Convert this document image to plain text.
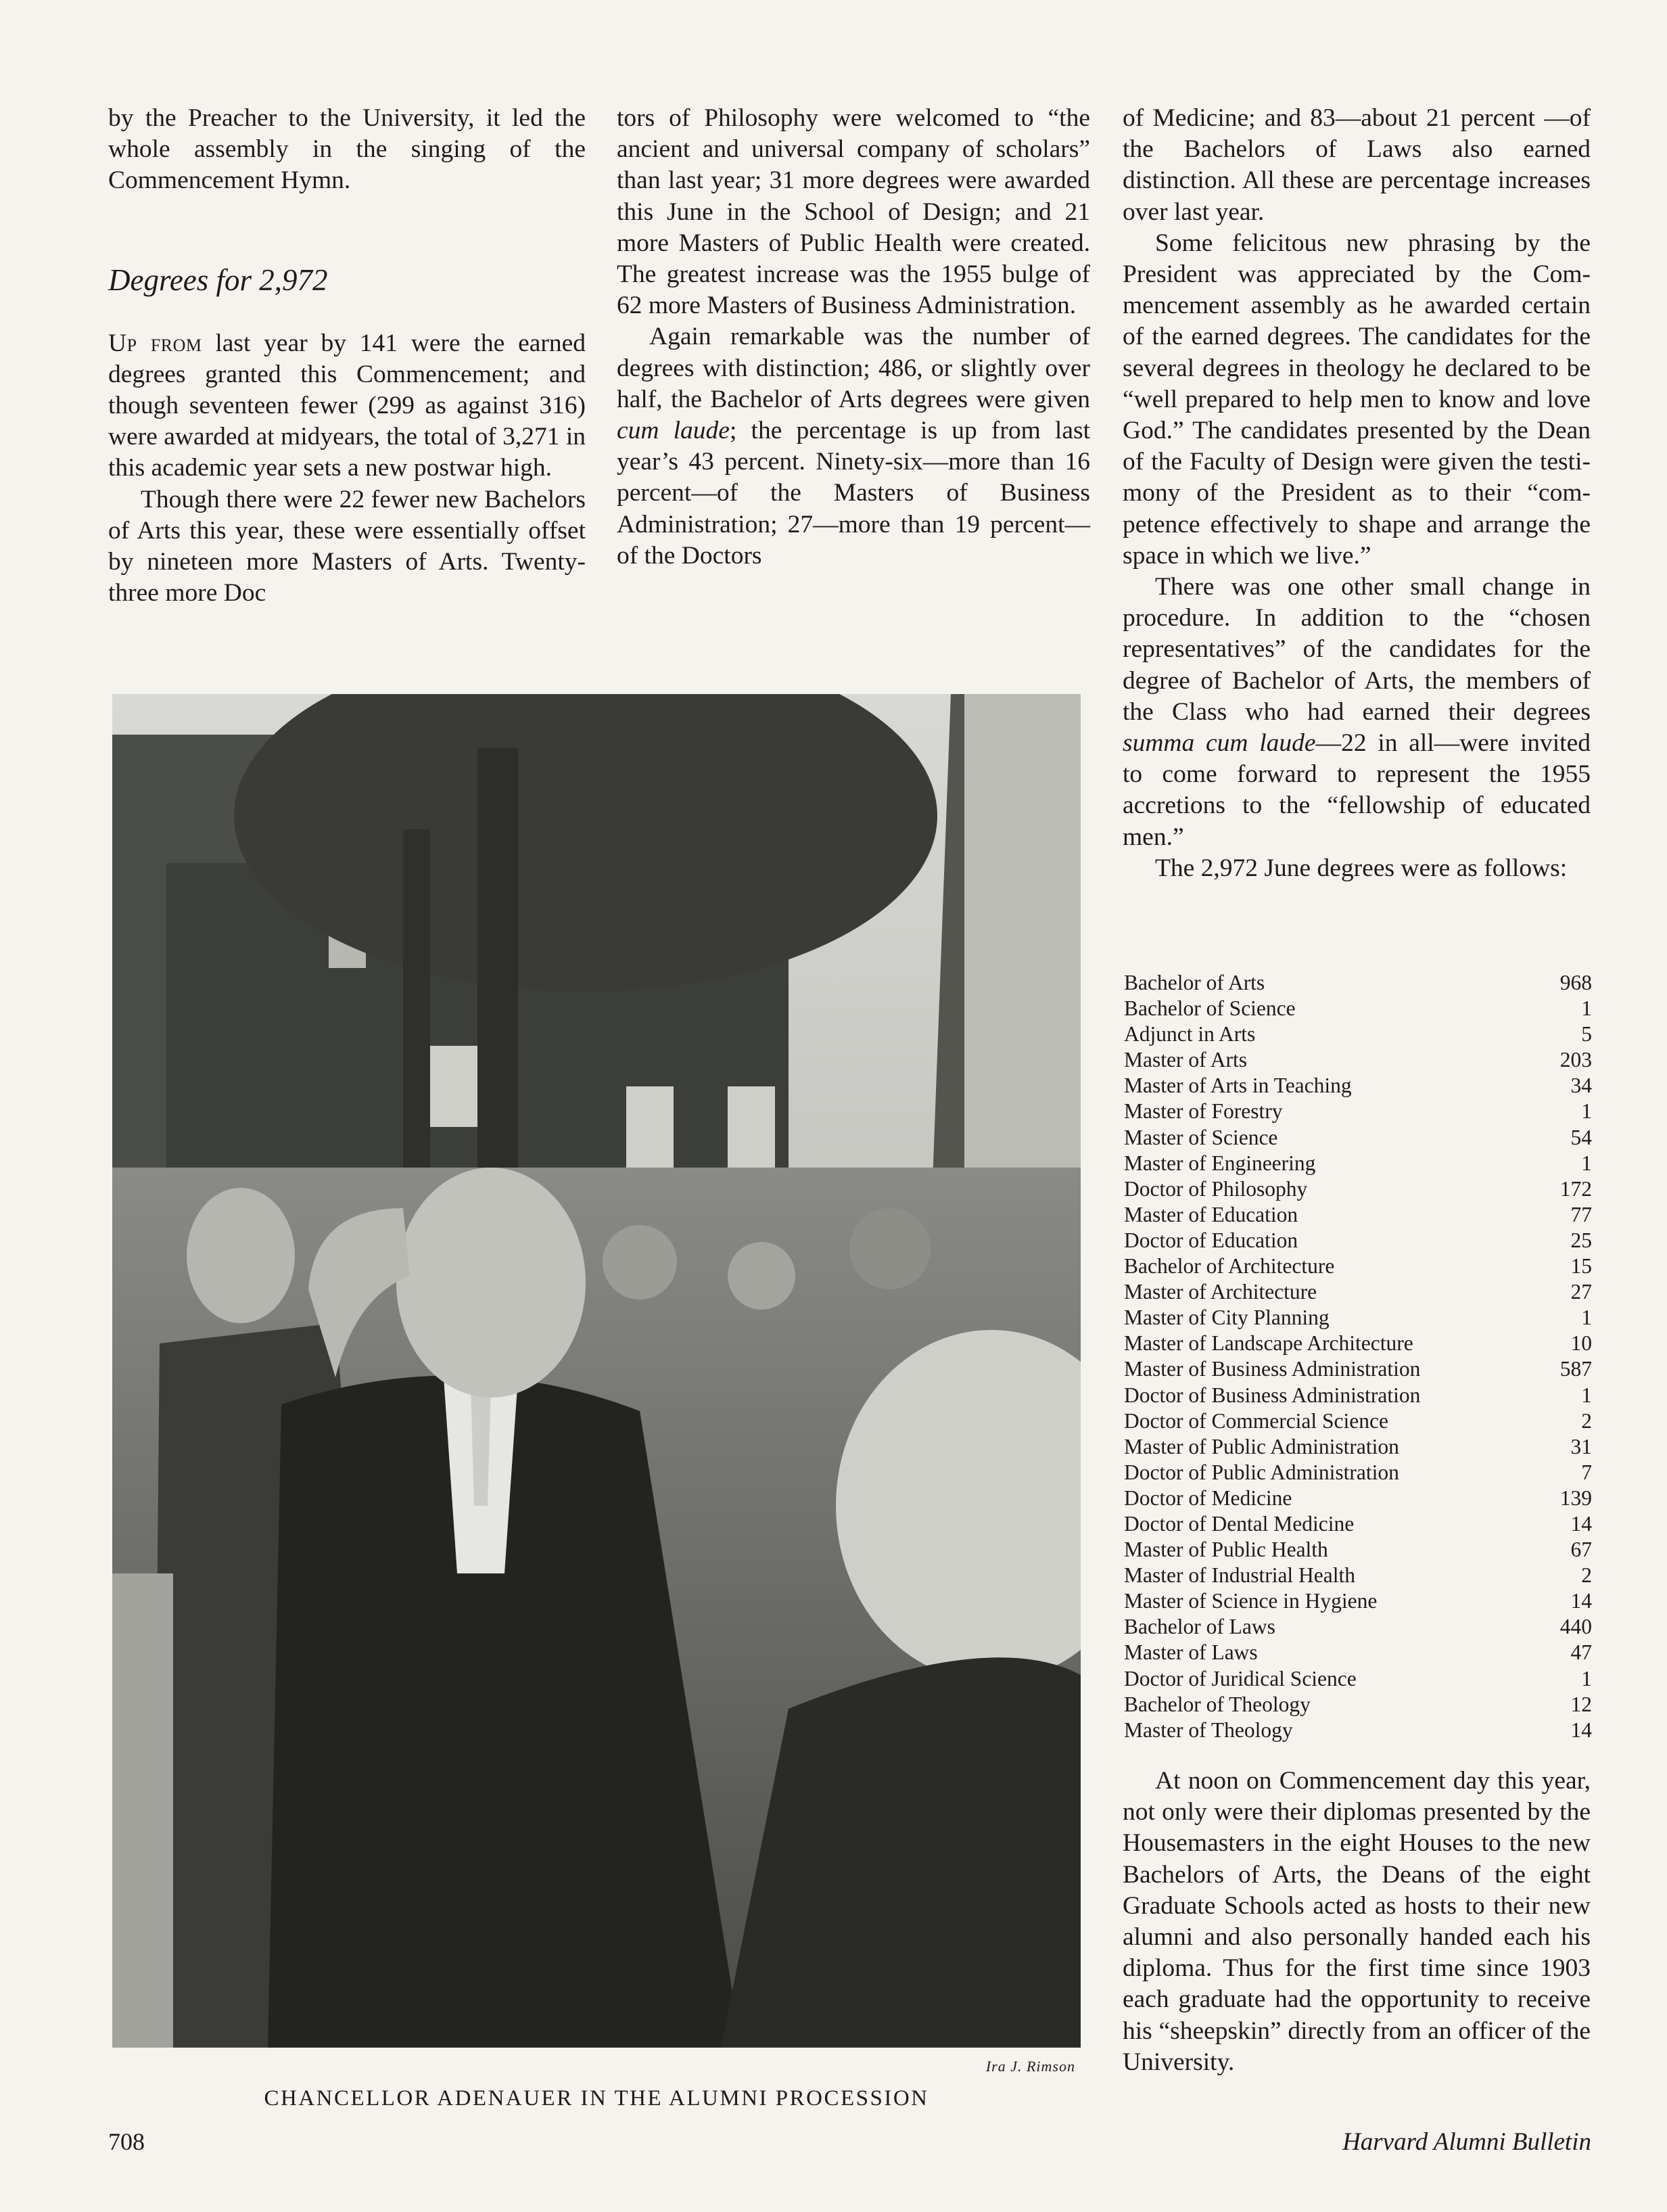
by the Preacher to the University, it led the whole assembly in the singing of the Commencement Hymn.

Degrees for 2,972

Up from last year by 141 were the earned degrees granted this Commencement; and though seventeen fewer (299 as against 316) were awarded at midyears, the total of 3,271 in this academic year sets a new postwar high.

Though there were 22 fewer new Bachelors of Arts this year, these were essentially offset by nineteen more Masters of Arts. Twenty-three more Doc

tors of Philosophy were welcomed to “the ancient and universal company of scholars” than last year; 31 more degrees were awarded this June in the School of Design; and 21 more Masters of Public Health were created. The greatest increase was the 1955 bulge of 62 more Masters of Business Administration.

Again remarkable was the number of degrees with distinction; 486, or slightly over half, the Bachelor of Arts degrees were given cum laude; the percentage is up from last year’s 43 percent. Ninety-six—more than 16 percent—of the Masters of Business Administration; 27—more than 19 percent—of the Doctors

of Medicine; and 83—about 21 percent —of the Bachelors of Laws also earned distinction. All these are percentage increases over last year.

Some felicitous new phrasing by the President was appreciated by the Commencement assembly as he awarded certain of the earned degrees. The candidates for the several degrees in theology he declared to be “well prepared to help men to know and love God.” The candidates presented by the Dean of the Faculty of Design were given the testimony of the President as to their “competence effectively to shape and arrange the space in which we live.”

There was one other small change in procedure. In addition to the “chosen representatives” of the candidates for the degree of Bachelor of Arts, the members of the Class who had earned their degrees summa cum laude—22 in all—were invited to come forward to represent the 1955 accretions to the “fellowship of educated men.”

The 2,972 June degrees were as follows:

Bachelor of Arts	968
Bachelor of Science	1
Adjunct in Arts	5
Master of Arts	203
Master of Arts in Teaching	34
Master of Forestry	1
Master of Science	54
Master of Engineering	1
Doctor of Philosophy	172
Master of Education	77
Doctor of Education	25
Bachelor of Architecture	15
Master of Architecture	27
Master of City Planning	1
Master of Landscape Architecture	10
Master of Business Administration	587
Doctor of Business Administration	1
Doctor of Commercial Science	2
Master of Public Administration	31
Doctor of Public Administration	7
Doctor of Medicine	139
Doctor of Dental Medicine	14
Master of Public Health	67
Master of Industrial Health	2
Master of Science in Hygiene	14
Bachelor of Laws	440
Master of Laws	47
Doctor of Juridical Science	1
Bachelor of Theology	12
Master of Theology	14

At noon on Commencement day this year, not only were their diplomas presented by the Housemasters in the eight Houses to the new Bachelors of Arts, the Deans of the eight Graduate Schools acted as hosts to their new alumni and also personally handed each his diploma. Thus for the first time since 1903 each graduate had the opportunity to receive his “sheepskin” directly from an officer of the University.

Ira J. Rimson
CHANCELLOR ADENAUER IN THE ALUMNI PROCESSION
708	Harvard Alumni Bulletin
